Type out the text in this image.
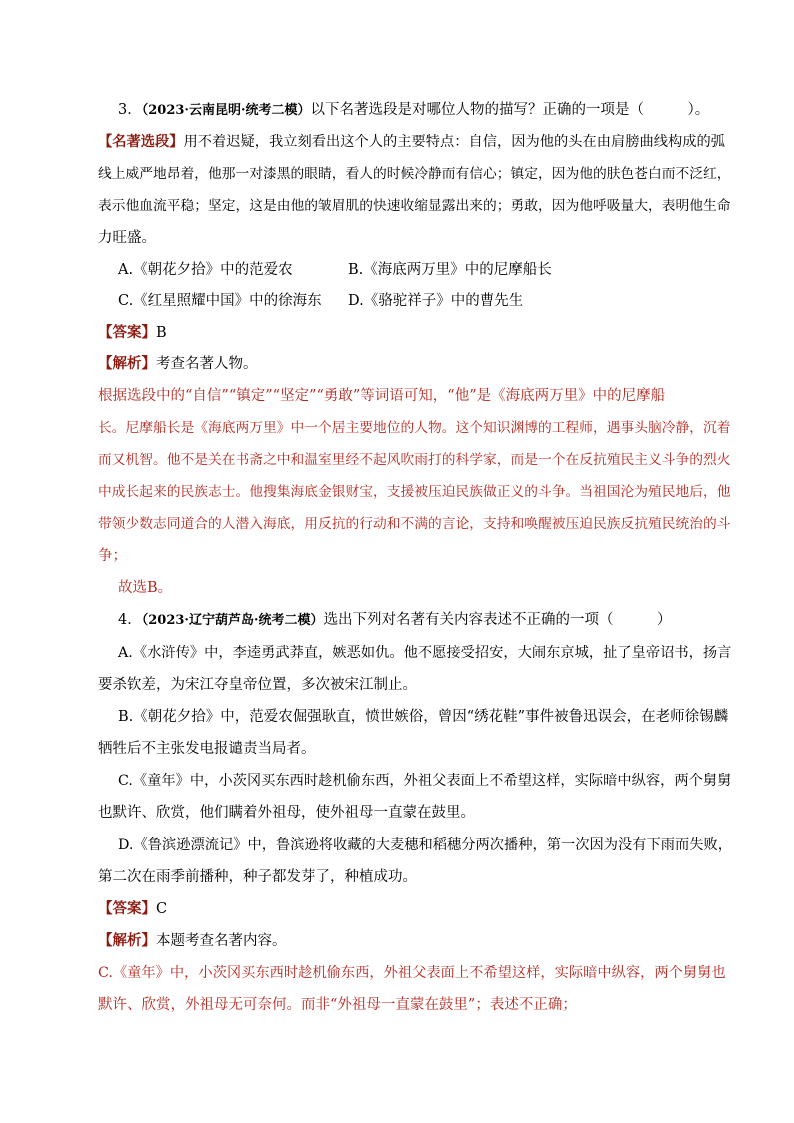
3．（2023·云南昆明·统考二模）以下名著选段是对哪位人物的描写？正确的一项是（　　　）。
【名著选段】用不着迟疑，我立刻看出这个人的主要特点：自信，因为他的头在由肩膀曲线构成的弧
线上威严地昂着，他那一对漆黑的眼睛，看人的时候冷静而有信心；镇定，因为他的肤色苍白而不泛红，
表示他血流平稳；坚定，这是由他的皱眉肌的快速收缩显露出来的；勇敢，因为他呼吸量大，表明他生命
力旺盛。
A.《朝花夕拾》中的范爱农	B.《海底两万里》中的尼摩船长
C.《红星照耀中国》中的徐海东 D.《骆驼祥子》中的曹先生
【答案】B
【解析】考查名著人物。
根据选段中的“自信”“镇定”“坚定”“勇敢”等词语可知，“他”是《海底两万里》中的尼摩船
长。尼摩船长是《海底两万里》中一个居主要地位的人物。这个知识渊博的工程师，遇事头脑冷静，沉着
而又机智。他不是关在书斋之中和温室里经不起风吹雨打的科学家，而是一个在反抗殖民主义斗争的烈火
中成长起来的民族志士。他搜集海底金银财宝，支援被压迫民族做正义的斗争。当祖国沦为殖民地后，他
带领少数志同道合的人潜入海底，用反抗的行动和不满的言论，支持和唤醒被压迫民族反抗殖民统治的斗
争；
故选B。
4．（2023·辽宁葫芦岛·统考二模）选出下列对名著有关内容表述不正确的一项（　　　）
A.《水浒传》中，李逵勇武莽直，嫉恶如仇。他不愿接受招安，大闹东京城，扯了皇帝诏书，扬言
要杀钦差，为宋江夺皇帝位置，多次被宋江制止。
B.《朝花夕拾》中，范爱农倔强耿直，愤世嫉俗，曾因“绣花鞋”事件被鲁迅误会，在老师徐锡麟
牺牲后不主张发电报谴责当局者。
C.《童年》中，小茨冈买东西时趁机偷东西，外祖父表面上不希望这样，实际暗中纵容，两个舅舅
也默许、欣赏，他们瞒着外祖母，使外祖母一直蒙在鼓里。
D.《鲁滨逊漂流记》中，鲁滨逊将收藏的大麦穗和稻穗分两次播种，第一次因为没有下雨而失败，
第二次在雨季前播种，种子都发芽了，种植成功。
【答案】C
【解析】本题考查名著内容。
C.《童年》中，小茨冈买东西时趁机偷东西，外祖父表面上不希望这样，实际暗中纵容，两个舅舅也
默许、欣赏，外祖母无可奈何。而非“外祖母一直蒙在鼓里”；表述不正确；
